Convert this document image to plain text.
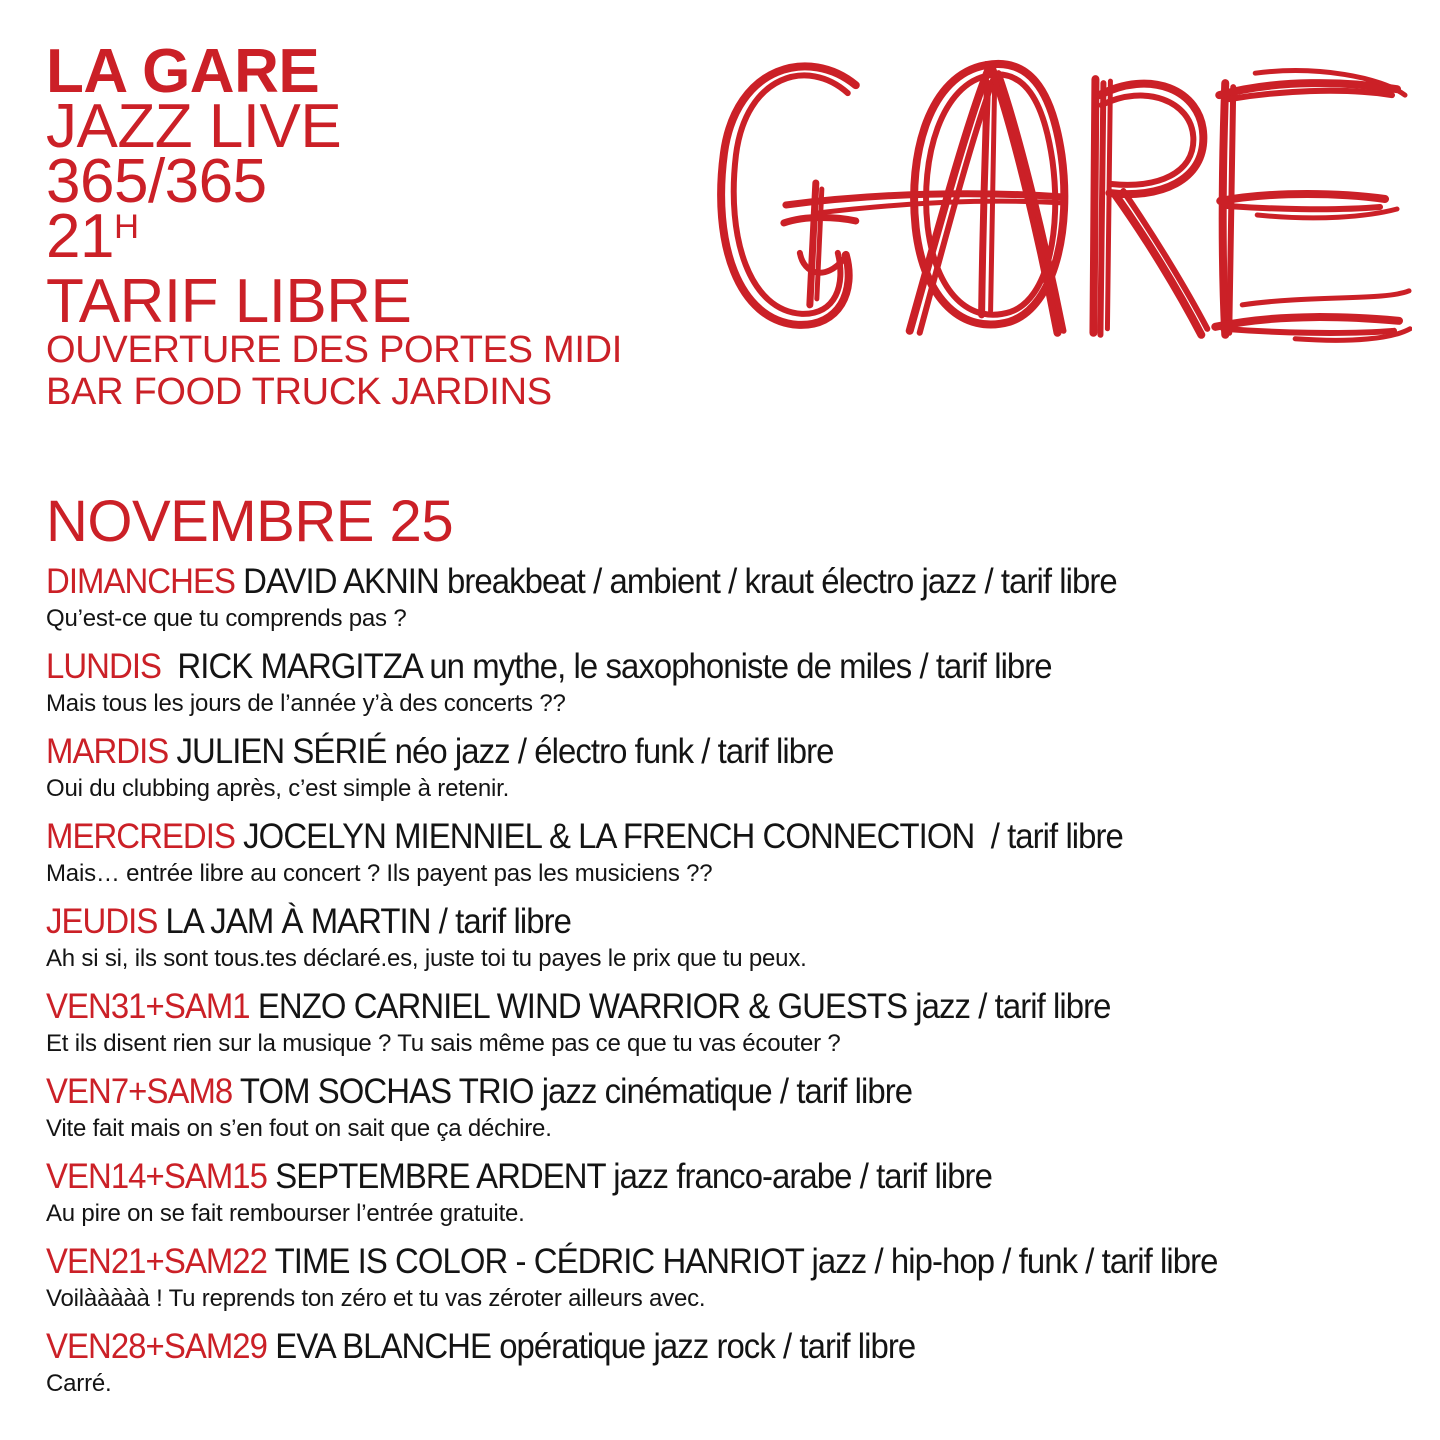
LA GARE
JAZZ LIVE
365/365
$21^H$
TARIF LIBRE
OUVERTURE DES PORTES MIDI
BAR FOOD TRUCK JARDINS
NOVEMBRE 25
DIMANCHES DAVID AKNIN breakbeat / ambient / kraut électro jazz / tarif libre
Qu’est-ce que tu comprends pas ?
LUNDIS  RICK MARGITZA un mythe, le saxophoniste de miles / tarif libre
Mais tous les jours de l’année y’à des concerts ??
MARDIS JULIEN SÉRIÉ néo jazz / électro funk / tarif libre
Oui du clubbing après, c’est simple à retenir.
MERCREDIS JOCELYN MIENNIEL & LA FRENCH CONNECTION  / tarif libre
Mais… entrée libre au concert ? Ils payent pas les musiciens ??
JEUDIS LA JAM À MARTIN / tarif libre
Ah si si, ils sont tous.tes déclaré.es, juste toi tu payes le prix que tu peux.
VEN31+SAM1 ENZO CARNIEL WIND WARRIOR & GUESTS jazz / tarif libre
Et ils disent rien sur la musique ? Tu sais même pas ce que tu vas écouter ?
VEN7+SAM8 TOM SOCHAS TRIO jazz cinématique / tarif libre
Vite fait mais on s’en fout on sait que ça déchire.
VEN14+SAM15 SEPTEMBRE ARDENT jazz franco-arabe / tarif libre
Au pire on se fait rembourser l’entrée gratuite.
VEN21+SAM22 TIME IS COLOR - CÉDRIC HANRIOT jazz / hip-hop / funk / tarif libre
Voilààààà ! Tu reprends ton zéro et tu vas zéroter ailleurs avec.
VEN28+SAM29 EVA BLANCHE opératique jazz rock / tarif libre
Carré.
